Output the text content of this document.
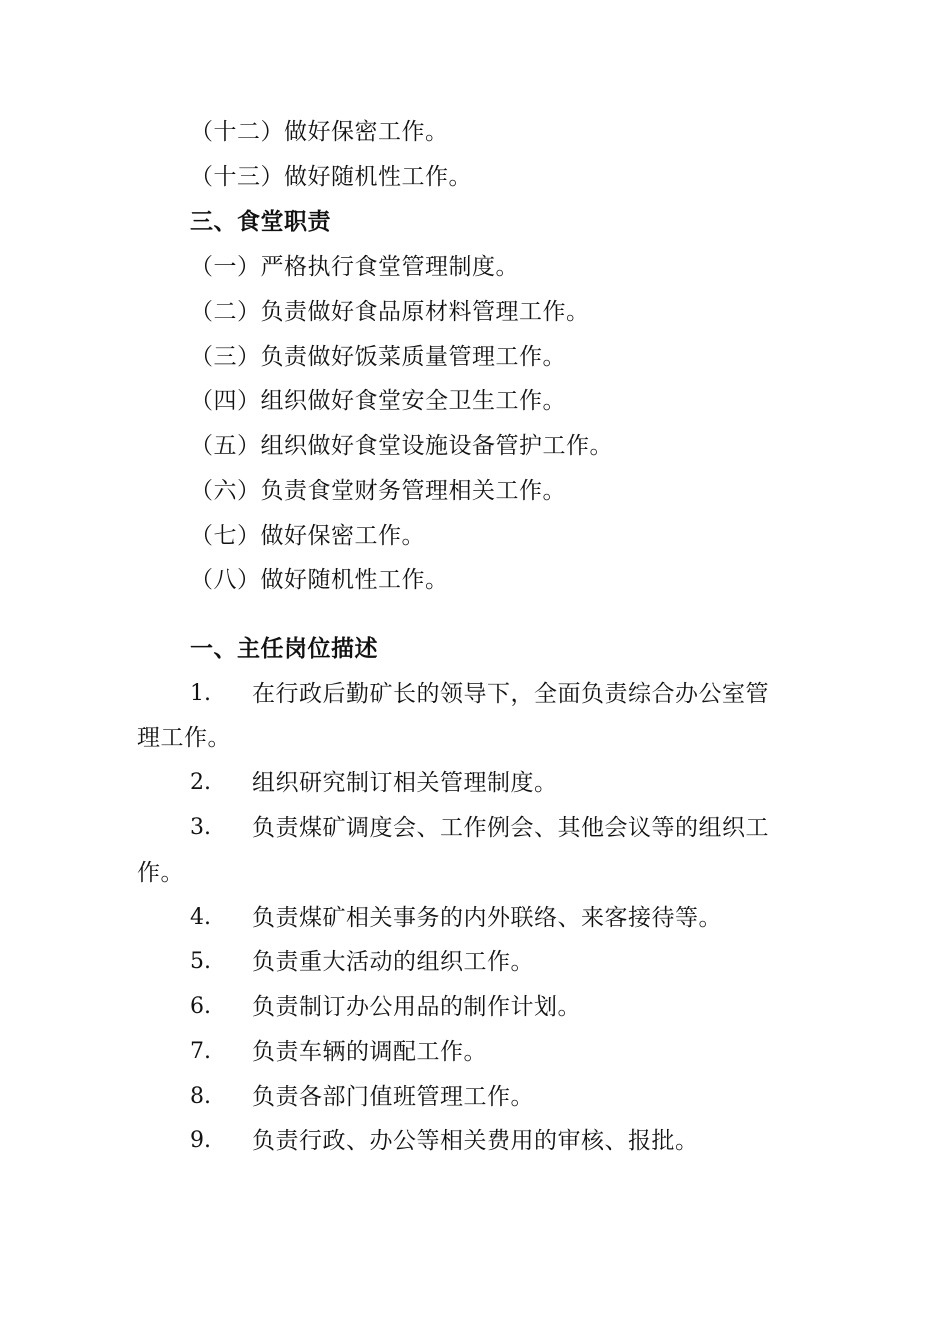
（十二）做好保密工作。
（十三）做好随机性工作。
三、食堂职责
（一）严格执行食堂管理制度。
（二）负责做好食品原材料管理工作。
（三）负责做好饭菜质量管理工作。
（四）组织做好食堂安全卫生工作。
（五）组织做好食堂设施设备管护工作。
（六）负责食堂财务管理相关工作。
（七）做好保密工作。
（八）做好随机性工作。
一、主任岗位描述
1. 在行政后勤矿长的领导下，全面负责综合办公室管
理工作。
2. 组织研究制订相关管理制度。
3. 负责煤矿调度会、工作例会、其他会议等的组织工
作。
4. 负责煤矿相关事务的内外联络、来客接待等。
5. 负责重大活动的组织工作。
6. 负责制订办公用品的制作计划。
7. 负责车辆的调配工作。
8. 负责各部门值班管理工作。
9. 负责行政、办公等相关费用的审核、报批。
